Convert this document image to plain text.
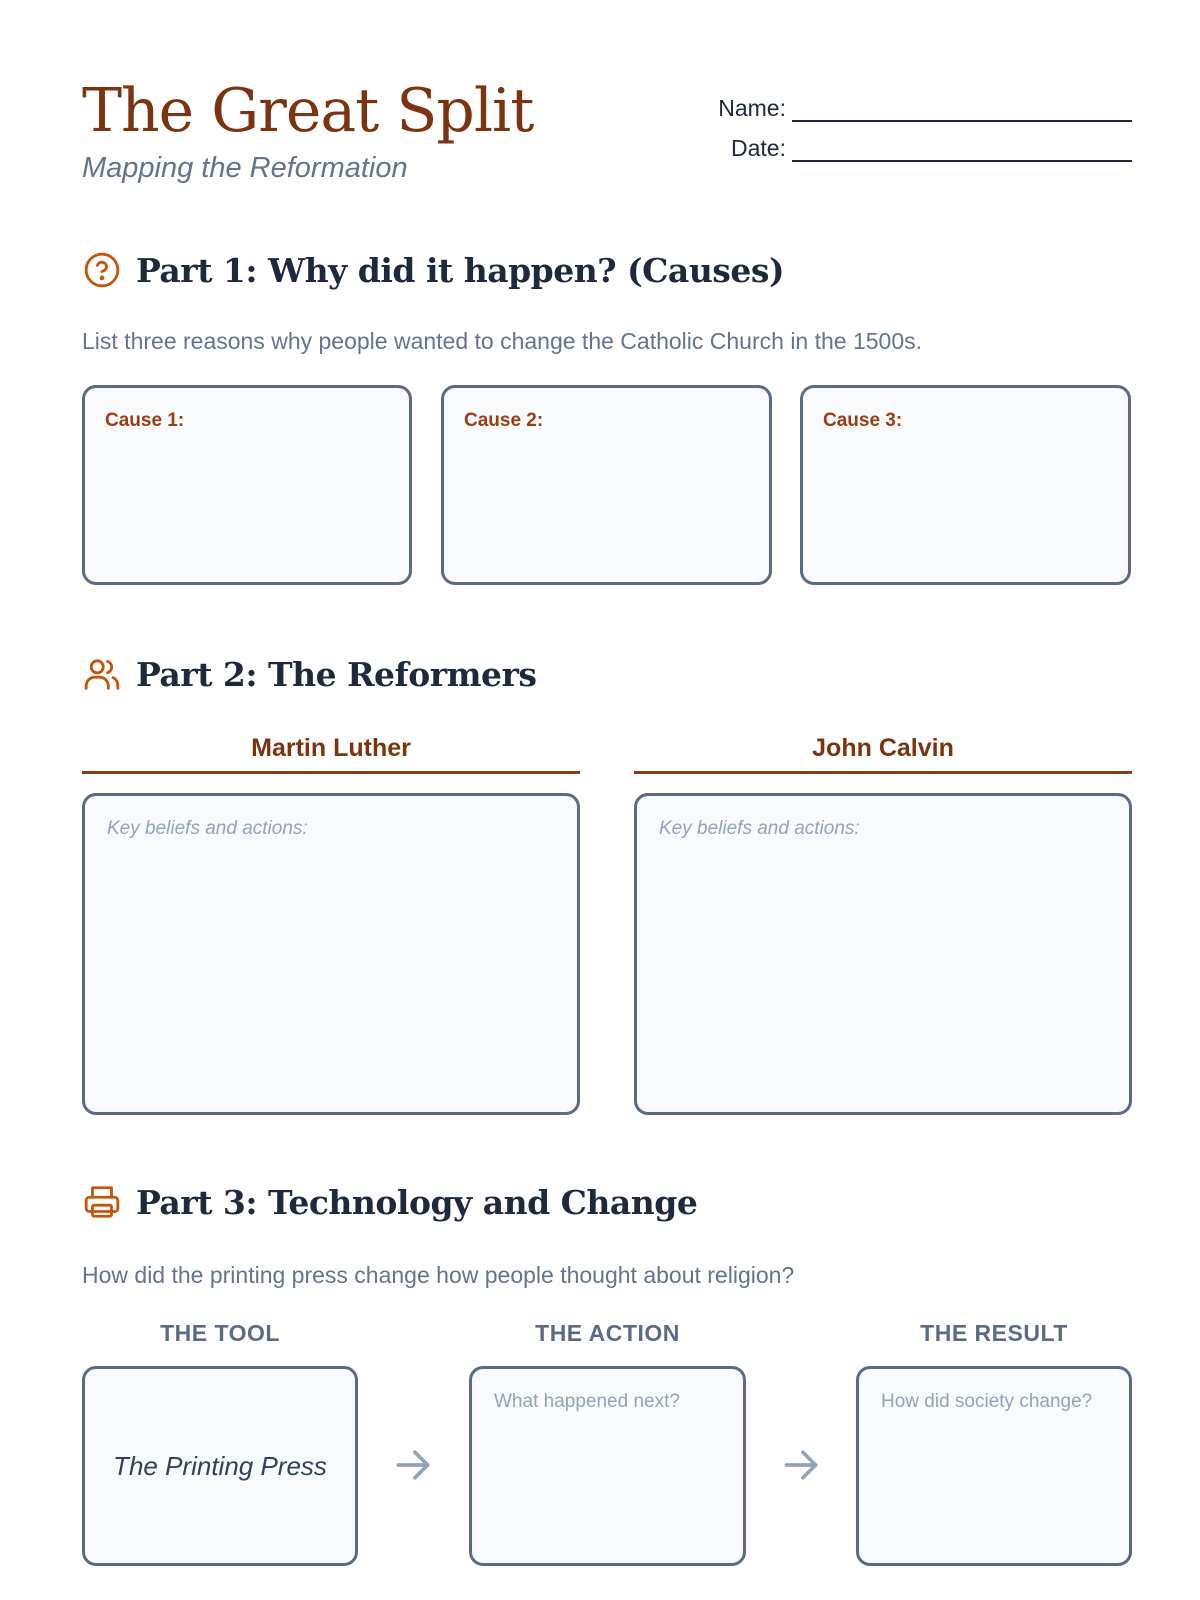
The Great Split
Mapping the Reformation
Name:
Date:
Part 1: Why did it happen? (Causes)
List three reasons why people wanted to change the Catholic Church in the 1500s.
Cause 1:	Cause 2:	Cause 3:
Part 2: The Reformers
Martin Luther	John Calvin
Key beliefs and actions:	Key beliefs and actions:
Part 3: Technology and Change
How did the printing press change how people thought about religion?
THE TOOL	THE ACTION	THE RESULT
The Printing Press
What happened next?	How did society change?
